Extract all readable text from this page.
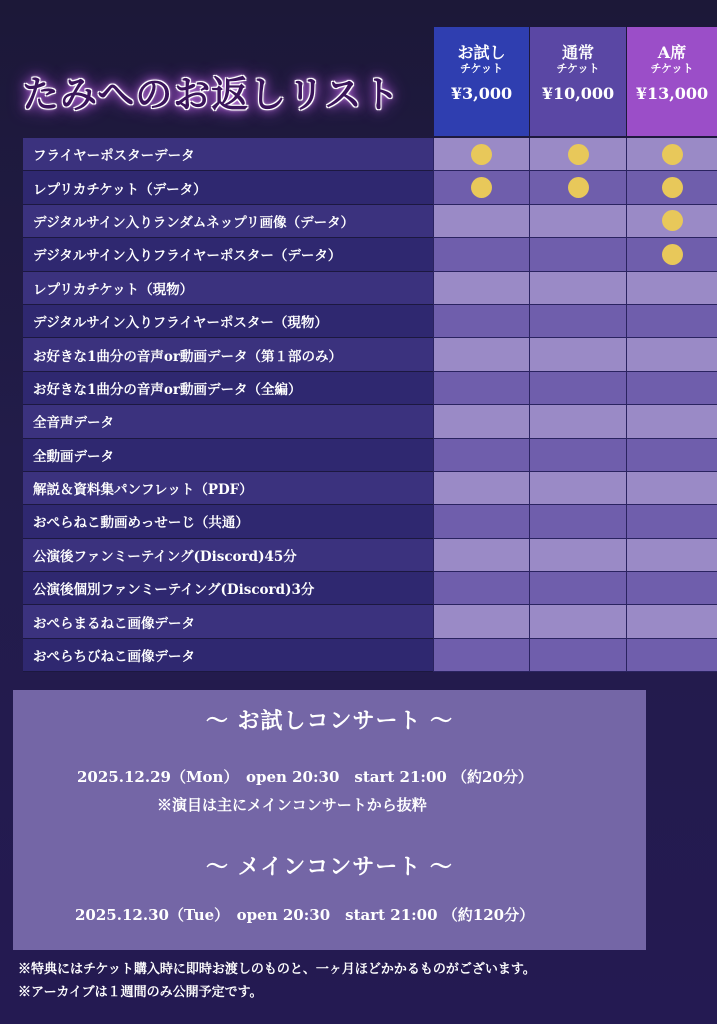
たみへのお返しリスト
お試し
チケット
¥3,000
通常
チケット
¥10,000
A席
チケット
¥13,000
フライヤーポスターデータ
レプリカチケット（データ）
デジタルサイン入りランダムネップリ画像（データ）
デジタルサイン入りフライヤーポスター（データ）
レプリカチケット（現物）
デジタルサイン入りフライヤーポスター（現物）
お好きな1曲分の音声or動画データ（第１部のみ）
お好きな1曲分の音声or動画データ（全編）
全音声データ
全動画データ
解説＆資料集パンフレット（PDF）
おぺらねこ動画めっせーじ（共通）
公演後ファンミーテイング(Discord)45分
公演後個別ファンミーテイング(Discord)3分
おぺらまるねこ画像データ
おぺらちびねこ画像データ
〜 お試しコンサート 〜
2025.12.29（Mon）　open 20:30　start 21:00 （約20分）
※演目は主にメインコンサートから抜粋
〜 メインコンサート 〜
2025.12.30（Tue）　open 20:30　start 21:00 （約120分）
※特典にはチケット購入時に即時お渡しのものと、一ヶ月ほどかかるものがございます。
※アーカイブは１週間のみ公開予定です。
